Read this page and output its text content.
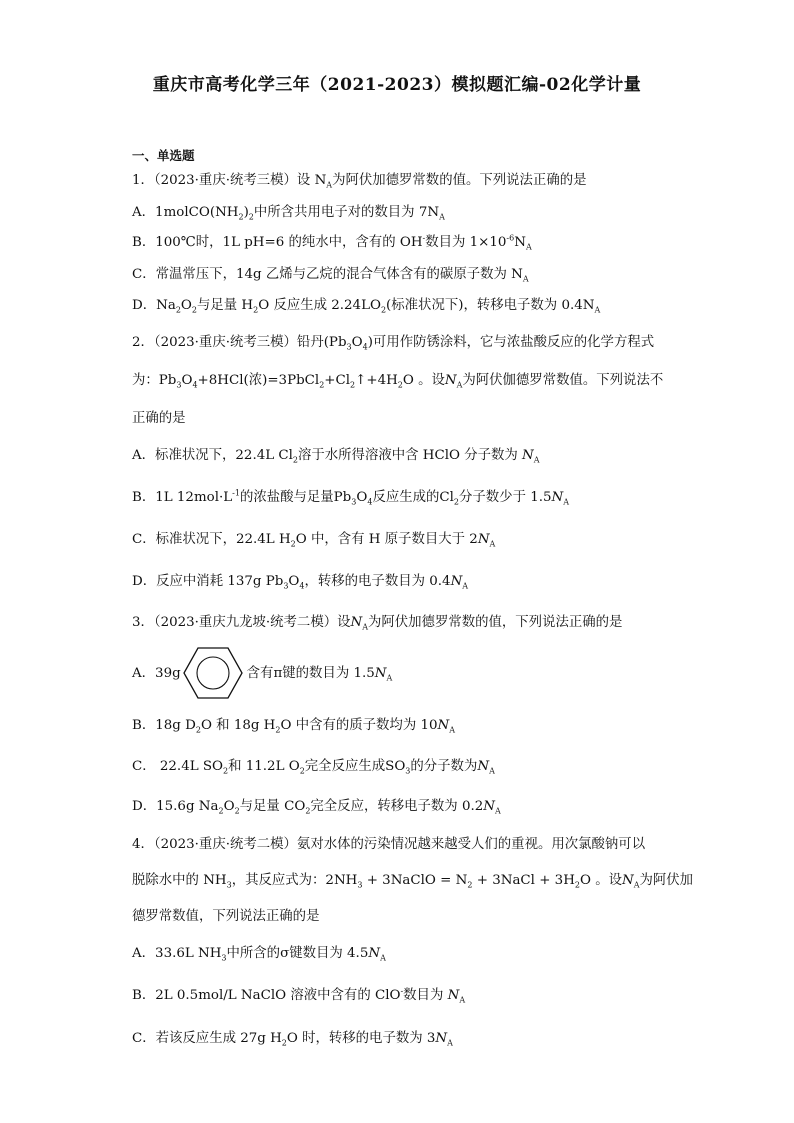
重庆市高考化学三年（2021-2023）模拟题汇编-02化学计量
一、单选题
1．（2023·重庆·统考三模）设 $N_A$为阿伏加德罗常数的值。下列说法正确的是
A．$1molCO(NH_2)_2$中所含共用电子对的数目为 $7N_A$
B．100℃时，1L pH=6 的纯水中，含有的 OH-数目为 $1\times 10^{-6}N_A$
C．常温常压下，14g 乙烯与乙烷的混合气体含有的碳原子数为 $N_A$
D．$Na_2O_2$与足量 $H_2O$ 反应生成 $2.24LO_2$(标准状况下)，转移电子数为 $0.4N_A$
2．（2023·重庆·统考三模）铅丹$(Pb_3O_4)$可用作防锈涂料，它与浓盐酸反应的化学方程式
为：$Pb_3O_4+8HCl$(浓)$=3PbCl_2+Cl_2↑+4H_2O$ 。设$N_A$为阿伏伽德罗常数值。下列说法不
正确的是
A．标准状况下，22.4L $Cl_2$溶于水所得溶液中含 HClO 分子数为 $N_A$
B．1L $12mol\cdot L^{-1}$的浓盐酸与足量$Pb_3O_4$反应生成的$Cl_2$分子数少于 $1.5N_A$
C．标准状况下，22.4L $H_2O$ 中，含有 H 原子数目大于 $2N_A$
D．反应中消耗 137g $Pb_3O_4$，转移的电子数目为 $0.4N_A$
3．（2023·重庆九龙坡·统考二模）设$N_A$为阿伏加德罗常数的值，下列说法正确的是
A．39g	含有π键的数目为 $1.5N_A$
B．18g $D_2O$ 和 18g $H_2O$ 中含有的质子数均为 $10N_A$
C． 22.4L $SO_2$和 11.2L $O_2$完全反应生成$SO_3$的分子数为$N_A$
D．15.6g $Na_2O_2$与足量 $CO_2$完全反应，转移电子数为 $0.2N_A$
4．（2023·重庆·统考二模）氨对水体的污染情况越来越受人们的重视。用次氯酸钠可以
脱除水中的 $NH_3$，其反应式为：$2NH_3$ + 3NaClO = $N_2$ + 3NaCl + $3H_2O$ 。设$N_A$为阿伏加
德罗常数值，下列说法正确的是
A．33.6L $NH_3$中所含的σ键数目为 $4.5N_A$
B．2L 0.5mol/L NaClO 溶液中含有的 ClO-数目为 $N_A$
C．若该反应生成 27g $H_2O$ 时，转移的电子数为 $3N_A$
